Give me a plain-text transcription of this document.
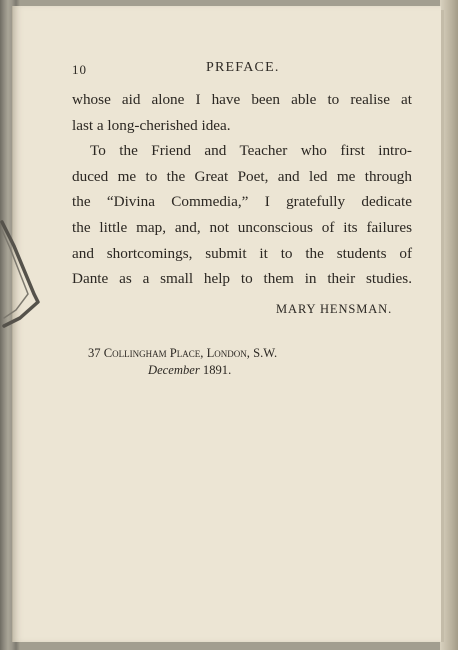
10	PREFACE.
whose aid alone I have been able to realise at
last a long-cherished idea.
To the Friend and Teacher who first intro-
duced me to the Great Poet, and led me through
the “Divina Commedia,” I gratefully dedicate
the little map, and, not unconscious of its failures
and shortcomings, submit it to the students of
Dante as a small help to them in their studies.
MARY HENSMAN.
37 Collingham Place, London, S.W.
December 1891.
